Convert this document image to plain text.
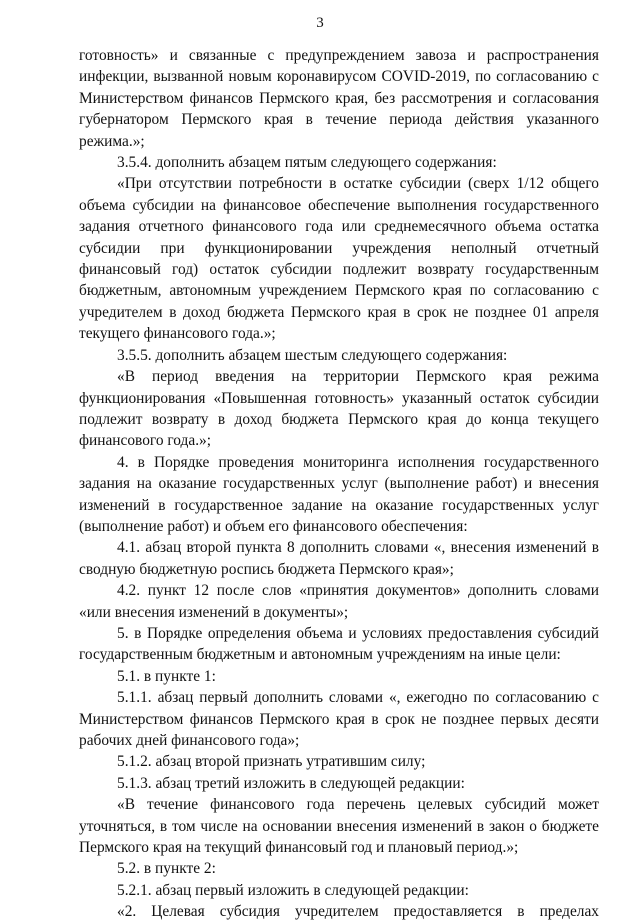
3

готовность» и связанные с предупреждением завоза и распространения инфекции, вызванной новым коронавирусом COVID-2019, по согласованию с Министерством финансов Пермского края, без рассмотрения и согласования губернатором Пермского края в течение периода действия указанного режима.»;

3.5.4. дополнить абзацем пятым следующего содержания:

«При отсутствии потребности в остатке субсидии (сверх 1/12 общего объема субсидии на финансовое обеспечение выполнения государственного задания отчетного финансового года или среднемесячного объема остатка субсидии при функционировании учреждения неполный отчетный финансовый год) остаток субсидии подлежит возврату государственным бюджетным, автономным учреждением Пермского края по согласованию с учредителем в доход бюджета Пермского края в срок не позднее 01 апреля текущего финансового года.»;

3.5.5. дополнить абзацем шестым следующего содержания:

«В период введения на территории Пермского края режима функционирования «Повышенная готовность» указанный остаток субсидии подлежит возврату в доход бюджета Пермского края до конца текущего финансового года.»;

4. в Порядке проведения мониторинга исполнения государственного задания на оказание государственных услуг (выполнение работ) и внесения изменений в государственное задание на оказание государственных услуг (выполнение работ) и объем его финансового обеспечения:

4.1. абзац второй пункта 8 дополнить словами «, внесения изменений в сводную бюджетную роспись бюджета Пермского края»;

4.2. пункт 12 после слов «принятия документов» дополнить словами «или внесения изменений в документы»;

5. в Порядке определения объема и условиях предоставления субсидий государственным бюджетным и автономным учреждениям на иные цели:

5.1. в пункте 1:

5.1.1. абзац первый дополнить словами «, ежегодно по согласованию с Министерством финансов Пермского края в срок не позднее первых десяти рабочих дней финансового года»;

5.1.2. абзац второй признать утратившим силу;

5.1.3. абзац третий изложить в следующей редакции:

«В течение финансового года перечень целевых субсидий может уточняться, в том числе на основании внесения изменений в закон о бюджете Пермского края на текущий финансовый год и плановый период.»;

5.2. в пункте 2:

5.2.1. абзац первый изложить в следующей редакции:

«2. Целевая субсидия учредителем предоставляется в пределах
